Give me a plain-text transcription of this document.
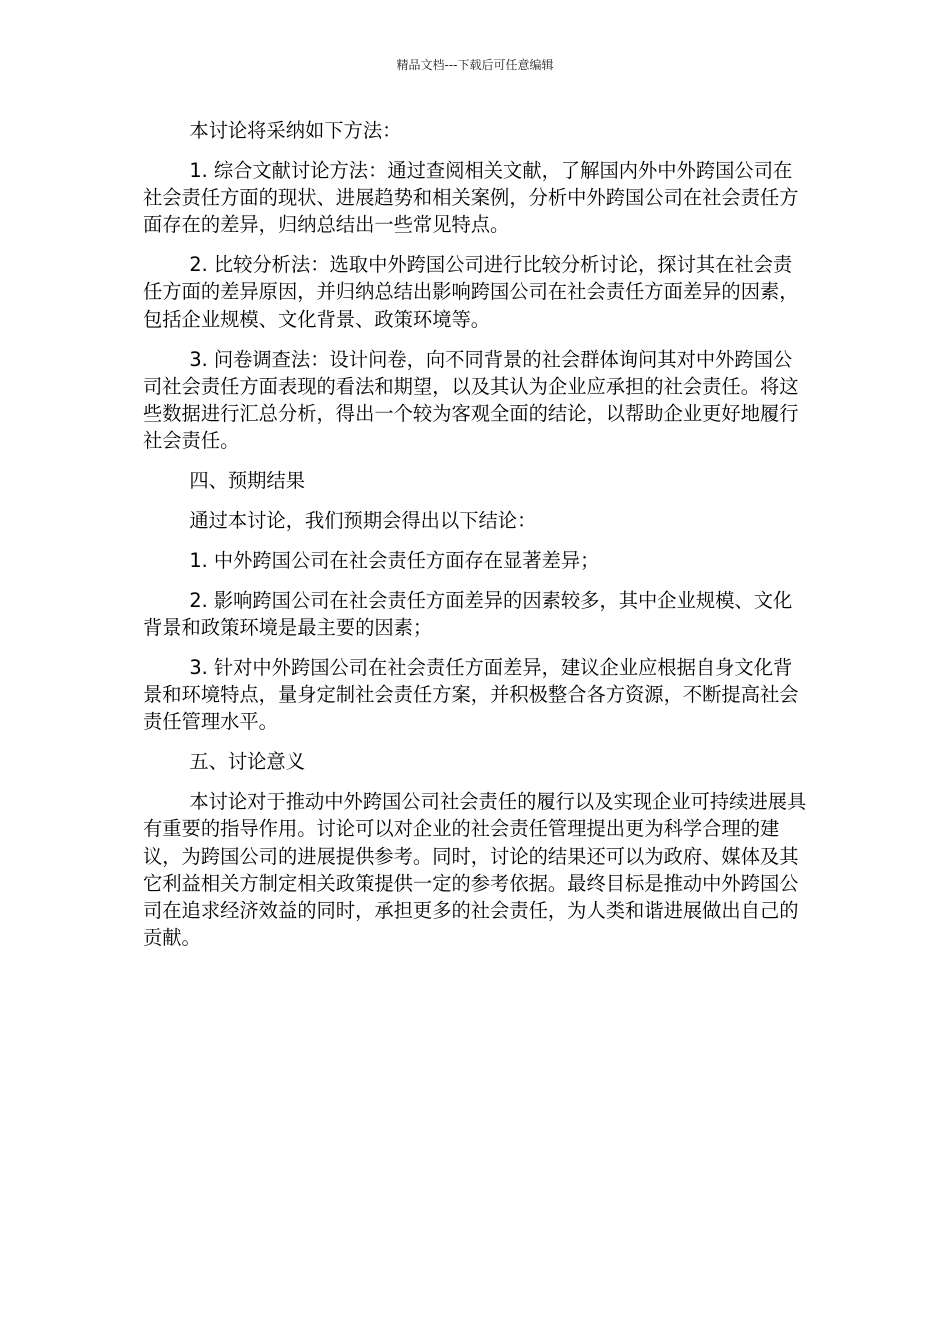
精品文档---下载后可任意编辑

本讨论将采纳如下方法：

1. 综合文献讨论方法：通过查阅相关文献，了解国内外中外跨国公司在社会责任方面的现状、进展趋势和相关案例，分析中外跨国公司在社会责任方面存在的差异，归纳总结出一些常见特点。

2. 比较分析法：选取中外跨国公司进行比较分析讨论，探讨其在社会责任方面的差异原因，并归纳总结出影响跨国公司在社会责任方面差异的因素，包括企业规模、文化背景、政策环境等。

3. 问卷调查法：设计问卷，向不同背景的社会群体询问其对中外跨国公司社会责任方面表现的看法和期望，以及其认为企业应承担的社会责任。将这些数据进行汇总分析，得出一个较为客观全面的结论，以帮助企业更好地履行社会责任。

四、预期结果

通过本讨论，我们预期会得出以下结论：

1. 中外跨国公司在社会责任方面存在显著差异；

2. 影响跨国公司在社会责任方面差异的因素较多，其中企业规模、文化背景和政策环境是最主要的因素；

3. 针对中外跨国公司在社会责任方面差异，建议企业应根据自身文化背景和环境特点，量身定制社会责任方案，并积极整合各方资源，不断提高社会责任管理水平。

五、讨论意义

本讨论对于推动中外跨国公司社会责任的履行以及实现企业可持续进展具有重要的指导作用。讨论可以对企业的社会责任管理提出更为科学合理的建议，为跨国公司的进展提供参考。同时，讨论的结果还可以为政府、媒体及其它利益相关方制定相关政策提供一定的参考依据。最终目标是推动中外跨国公司在追求经济效益的同时，承担更多的社会责任，为人类和谐进展做出自己的贡献。
